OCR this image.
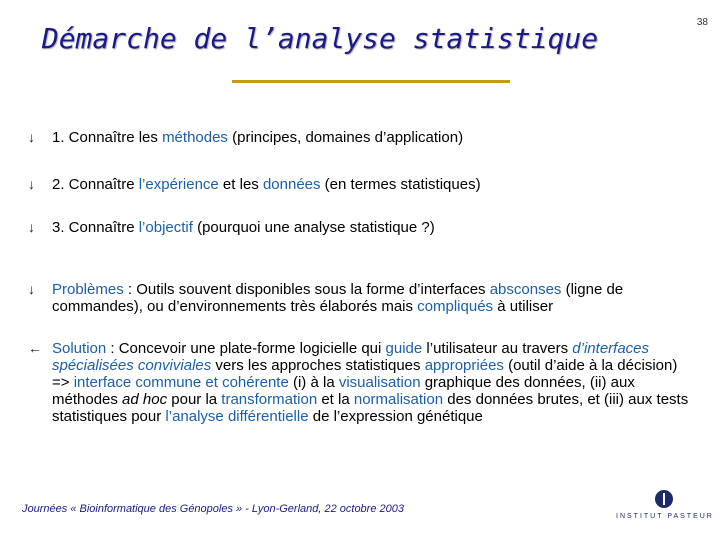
Démarche de l’analyse statistique	38
↓	1. Connaître les méthodes (principes, domaines d’application)
↓	2. Connaître l’expérience et les données (en termes statistiques)
↓	3. Connaître l’objectif (pourquoi une analyse statistique ?)
↓	Problèmes : Outils souvent disponibles sous la forme d’interfaces absconses (ligne de commandes), ou d’environnements très élaborés mais compliqués à utiliser
← Solution : Concevoir une plate-forme logicielle qui guide l’utilisateur au travers d’interfaces spécialisées conviviales vers les approches statistiques appropriées (outil d’aide à la décision) => interface commune et cohérente (i) à la visualisation graphique des données, (ii) aux méthodes ad hoc pour la transformation et la normalisation des données brutes, et (iii) aux tests statistiques pour l’analyse différentielle de l’expression génétique
Journées « Bioinformatique des Génopoles » - Lyon-Gerland, 22 octobre 2003
INSTITUT PASTEUR
